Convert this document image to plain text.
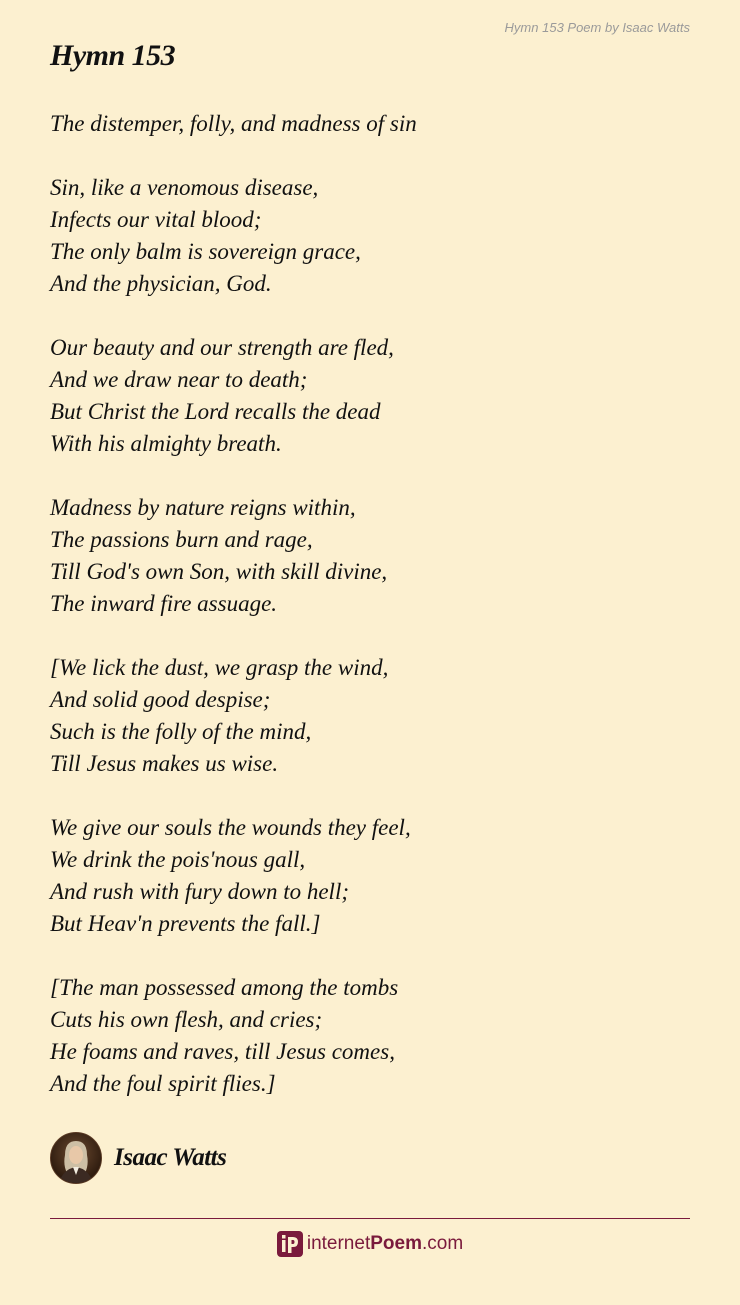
Hymn 153 Poem by Isaac Watts
Hymn 153
The distemper, folly, and madness of sin
Sin, like a venomous disease,
Infects our vital blood;
The only balm is sovereign grace,
And the physician, God.
Our beauty and our strength are fled,
And we draw near to death;
But Christ the Lord recalls the dead
With his almighty breath.
Madness by nature reigns within,
The passions burn and rage,
Till God's own Son, with skill divine,
The inward fire assuage.
[We lick the dust, we grasp the wind,
And solid good despise;
Such is the folly of the mind,
Till Jesus makes us wise.
We give our souls the wounds they feel,
We drink the pois'nous gall,
And rush with fury down to hell;
But Heav'n prevents the fall.]
[The man possessed among the tombs
Cuts his own flesh, and cries;
He foams and raves, till Jesus comes,
And the foul spirit flies.]
Isaac Watts
internetPoem.com
